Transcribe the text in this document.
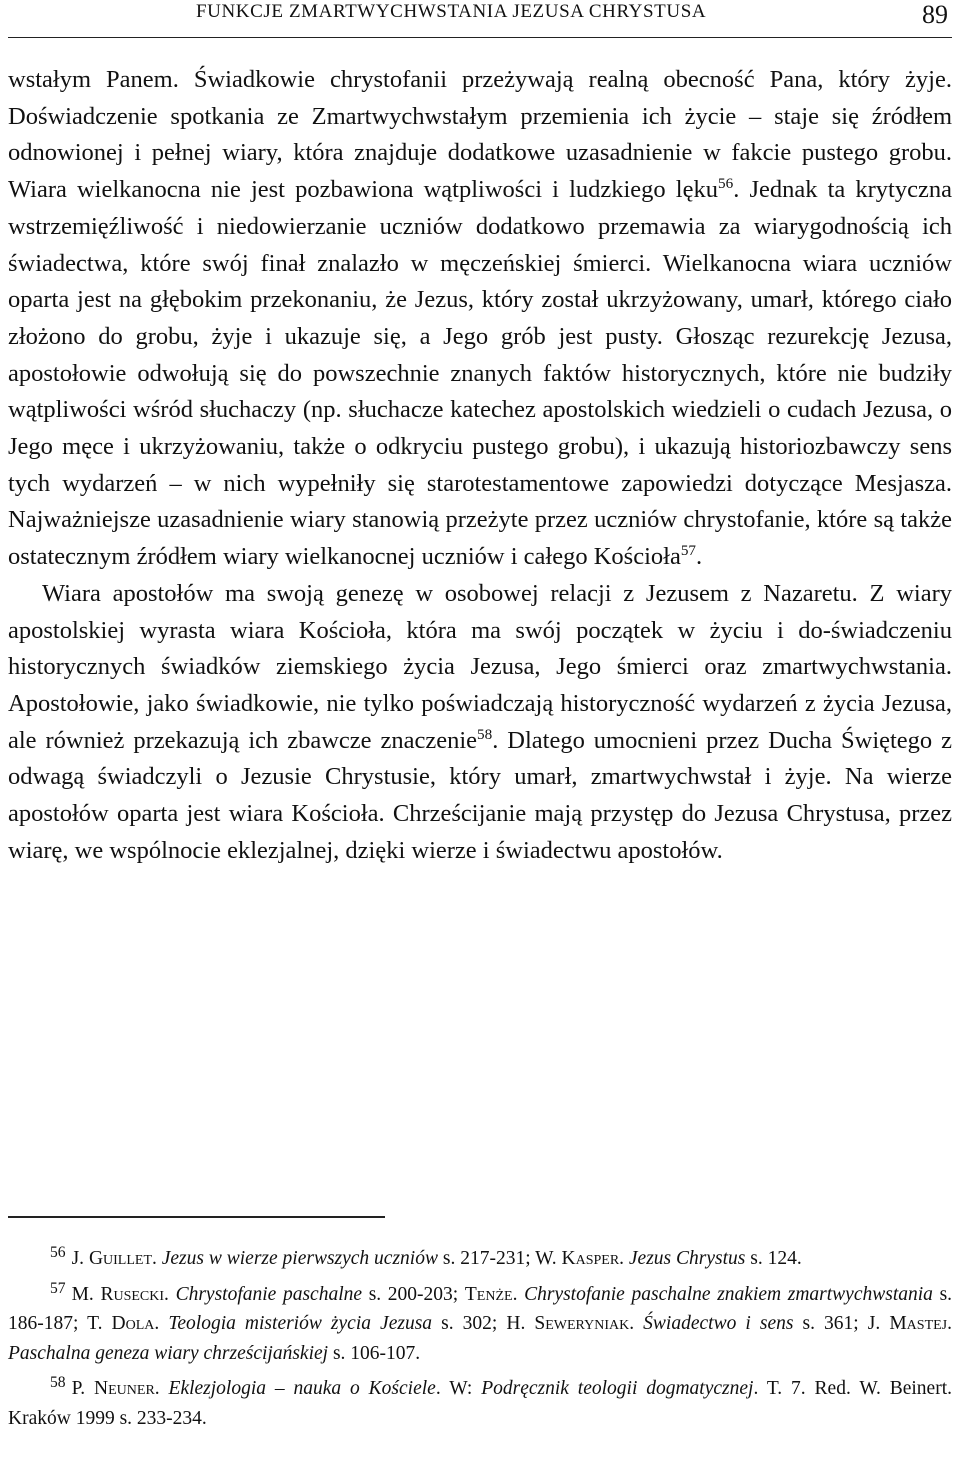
FUNKCJE ZMARTWYCHWSTANIA JEZUSA CHRYSTUSA	89

wstałym Panem. Świadkowie chrystofanii przeżywają realną obecność Pana, który żyje. Doświadczenie spotkania ze Zmartwychwstałym przemienia ich życie – staje się źródłem odnowionej i pełnej wiary, która znajduje dodatkowe uzasadnienie w fakcie pustego grobu. Wiara wielkanocna nie jest pozbawiona wątpliwości i ludzkiego lęku$^{56}$. Jednak ta krytyczna wstrzemięźliwość i niedowierzanie uczniów dodatkowo przemawia za wiarygodnością ich świadectwa, które swój finał znalazło w męczeńskiej śmierci. Wielkanocna wiara uczniów oparta jest na głębokim przekonaniu, że Jezus, który został ukrzyżowany, umarł, którego ciało złożono do grobu, żyje i ukazuje się, a Jego grób jest pusty. Głosząc rezurekcję Jezusa, apostołowie odwołują się do powszechnie znanych faktów historycznych, które nie budziły wątpliwości wśród słuchaczy (np. słuchacze katechez apostolskich wiedzieli o cudach Jezusa, o Jego męce i ukrzyżowaniu, także o odkryciu pustego grobu), i ukazują historiozbawczy sens tych wydarzeń – w nich wypełniły się starotestamentowe zapowiedzi dotyczące Mesjasza. Najważniejsze uzasadnienie wiary stanowią przeżyte przez uczniów chrystofanie, które są także ostatecznym źródłem wiary wielkanocnej uczniów i całego Kościoła$^{57}$.

Wiara apostołów ma swoją genezę w osobowej relacji z Jezusem z Nazaretu. Z wiary apostolskiej wyrasta wiara Kościoła, która ma swój początek w życiu i do-świadczeniu historycznych świadków ziemskiego życia Jezusa, Jego śmierci oraz zmartwychwstania. Apostołowie, jako świadkowie, nie tylko poświadczają historyczność wydarzeń z życia Jezusa, ale również przekazują ich zbawcze znaczenie$^{58}$. Dlatego umocnieni przez Ducha Świętego z odwagą świadczyli o Jezusie Chrystusie, który umarł, zmartwychwstał i żyje. Na wierze apostołów oparta jest wiara Kościoła. Chrześcijanie mają przystęp do Jezusa Chrystusa, przez wiarę, we wspólnocie eklezjalnej, dzięki wierze i świadectwu apostołów.

$^{56}$ J. Guillet. Jezus w wierze pierwszych uczniów s. 217-231; W. Kasper. Jezus Chrystus s. 124.

$^{57}$ M. Rusecki. Chrystofanie paschalne s. 200-203; Tenże. Chrystofanie paschalne znakiem zmartwychwstania s. 186-187; T. Dola. Teologia misteriów życia Jezusa s. 302; H. Seweryniak. Świadectwo i sens s. 361; J. Mastej. Paschalna geneza wiary chrześcijańskiej s. 106-107.

$^{58}$ P. Neuner. Eklezjologia – nauka o Kościele. W: Podręcznik teologii dogmatycznej. T. 7. Red. W. Beinert. Kraków 1999 s. 233-234.
